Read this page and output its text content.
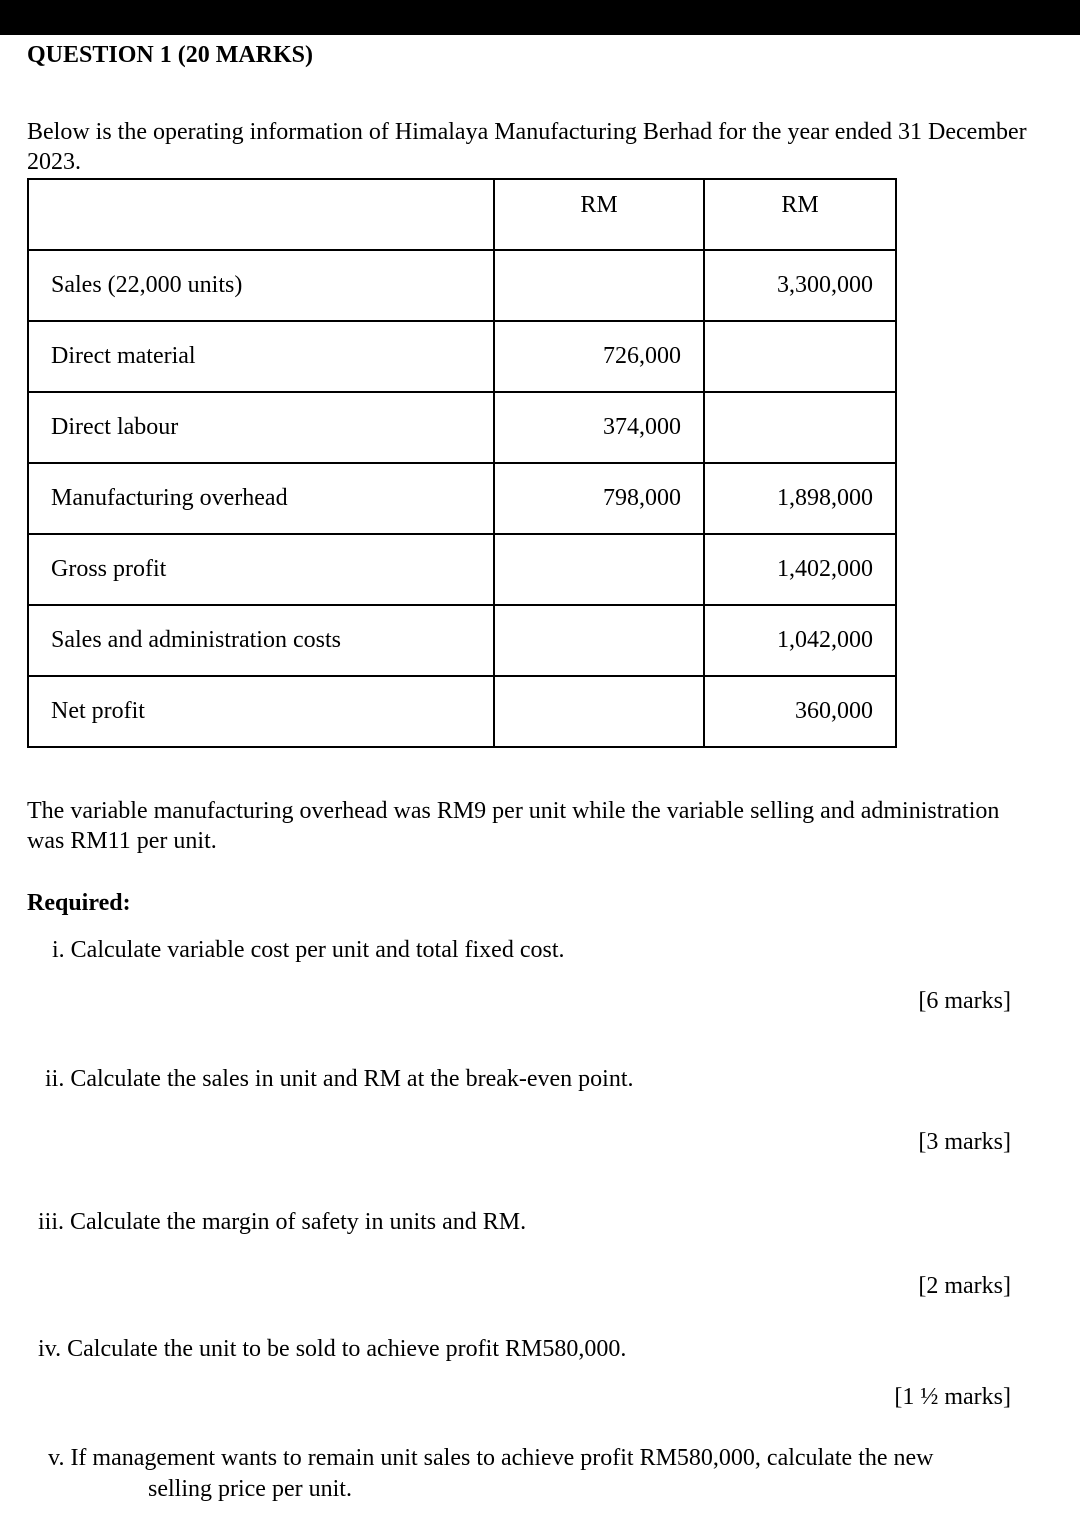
QUESTION 1 (20 MARKS)
Below is the operating information of Himalaya Manufacturing Berhad for the year ended 31 December 2023.
	RM	RM
Sales (22,000 units)		3,300,000
Direct material	726,000	
Direct labour	374,000	
Manufacturing overhead	798,000	1,898,000
Gross profit		1,402,000
Sales and administration costs		1,042,000
Net profit		360,000
The variable manufacturing overhead was RM9 per unit while the variable selling and administration was RM11 per unit.
Required:
i. Calculate variable cost per unit and total fixed cost.
[6 marks]
ii. Calculate the sales in unit and RM at the break-even point.
[3 marks]
iii. Calculate the margin of safety in units and RM.
[2 marks]
iv. Calculate the unit to be sold to achieve profit RM580,000.
[1 ½ marks]
v. If management wants to remain unit sales to achieve profit RM580,000, calculate the new
selling price per unit.
